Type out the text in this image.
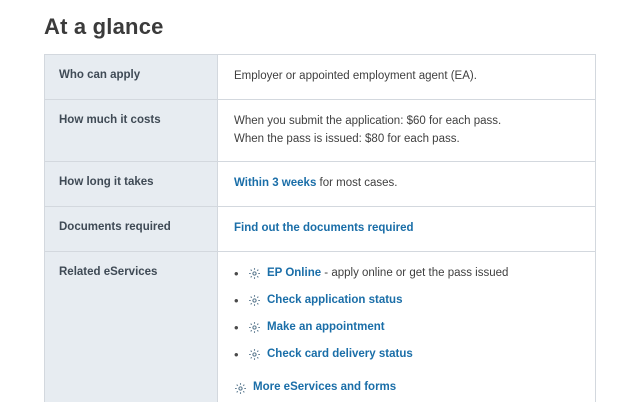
At a glance
Who can apply	Employer or appointed employment agent (EA).
How much it costs	When you submit the application: $60 for each pass.
When the pass is issued: $80 for each pass.

How long it takes	Within 3 weeks for most cases.
Documents required	Find out the documents required
Related eServices	•	EP Online - apply online or get the pass issued
•	Check application status
•	Make an appointment
•	Check card delivery status
More eServices and forms
